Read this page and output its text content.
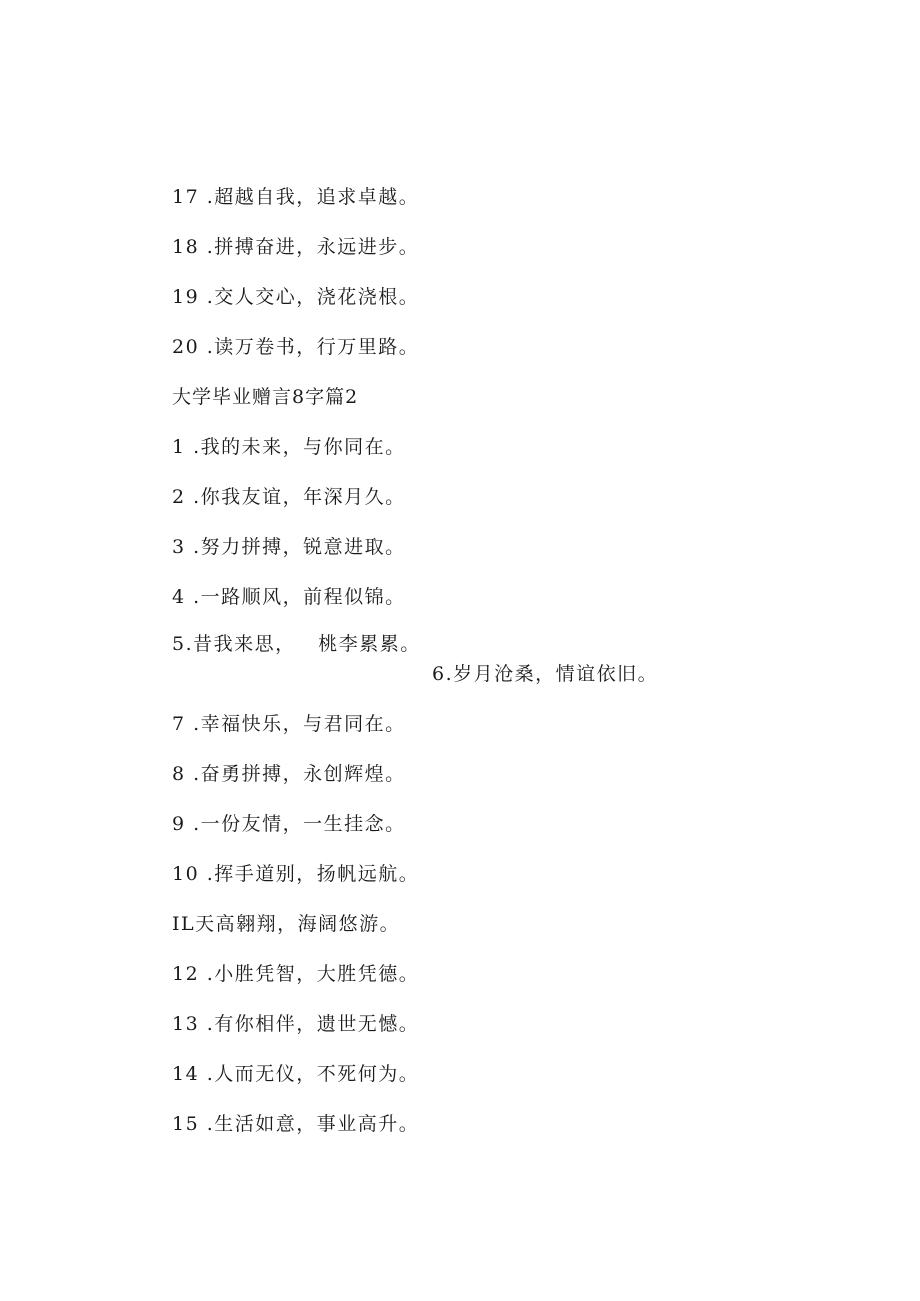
17 .超越自我，追求卓越。
18 .拼搏奋进，永远进步。
19 .交人交心，浇花浇根。
20 .读万卷书，行万里路。
大学毕业赠言8字篇2
1 .我的未来，与你同在。
2 .你我友谊，年深月久。
3 .努力拼搏，锐意进取。
4 .一路顺风，前程似锦。
5.昔我来思，   桃李累累。
6.岁月沧桑，情谊依旧。
7 .幸福快乐，与君同在。
8 .奋勇拼搏，永创辉煌。
9 .一份友情，一生挂念。
10 .挥手道别，扬帆远航。
IL天高翱翔，海阔悠游。
12 .小胜凭智，大胜凭德。
13 .有你相伴，遗世无憾。
14 .人而无仪，不死何为。
15 .生活如意，事业高升。
